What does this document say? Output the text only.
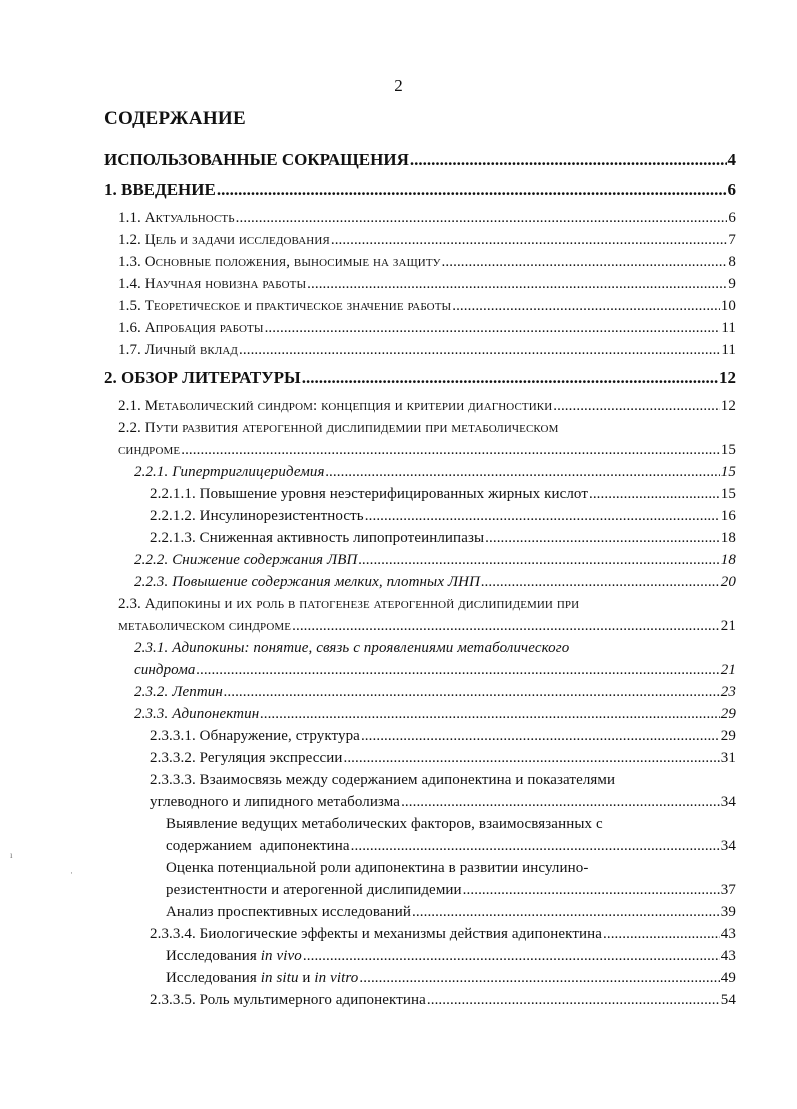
2
СОДЕРЖАНИЕ
ИСПОЛЬЗОВАННЫЕ СОКРАЩЕНИЯ .....	4
1. ВВЕДЕНИЕ .....	6
1.1. Актуальность .....	6
1.2. Цель и задачи исследования .....	7
1.3. Основные положения, выносимые на защиту .....	8
1.4. Научная новизна работы .....	9
1.5. Теоретическое и практическое значение работы .....	10
1.6. Апробация работы .....	11
1.7. Личный вклад .....	11
2. ОБЗОР ЛИТЕРАТУРЫ .....	12
2.1. Метаболический синдром: концепция и критерии диагностики .....	12
2.2. Пути развития атерогенной дислипидемии при метаболическом
синдроме .....	15
2.2.1. Гипертриглицеридемия .....	15
2.2.1.1. Повышение уровня неэстерифицированных жирных кислот .....	15
2.2.1.2. Инсулинорезистентность .....	16
2.2.1.3. Сниженная активность липопротеинлипазы .....	18
2.2.2. Снижение содержания ЛВП .....	18
2.2.3. Повышение содержания мелких, плотных ЛНП .....	20
2.3. Адипокины и их роль в патогенезе атерогенной дислипидемии при
метаболическом синдроме .....	21
2.3.1. Адипокины: понятие, связь с проявлениями метаболического
синдрома .....	21
2.3.2. Лептин .....	23
2.3.3. Адипонектин .....	29
2.3.3.1. Обнаружение, структура .....	29
2.3.3.2. Регуляция экспрессии .....	31
2.3.3.3. Взаимосвязь между содержанием адипонектина и показателями
углеводного и липидного метаболизма .....	34
Выявление ведущих метаболических факторов, взаимосвязанных с
содержанием  адипонектина .....	34
Оценка потенциальной роли адипонектина в развитии инсулино-
резистентности и атерогенной дислипидемии .....	37
Анализ проспективных исследований .....	39
2.3.3.4. Биологические эффекты и механизмы действия адипонектина .....	43
Исследования in vivo .....	43
Исследования in situ и in vitro .....	49
2.3.3.5. Роль мультимерного адипонектина .....	54
ı
·
